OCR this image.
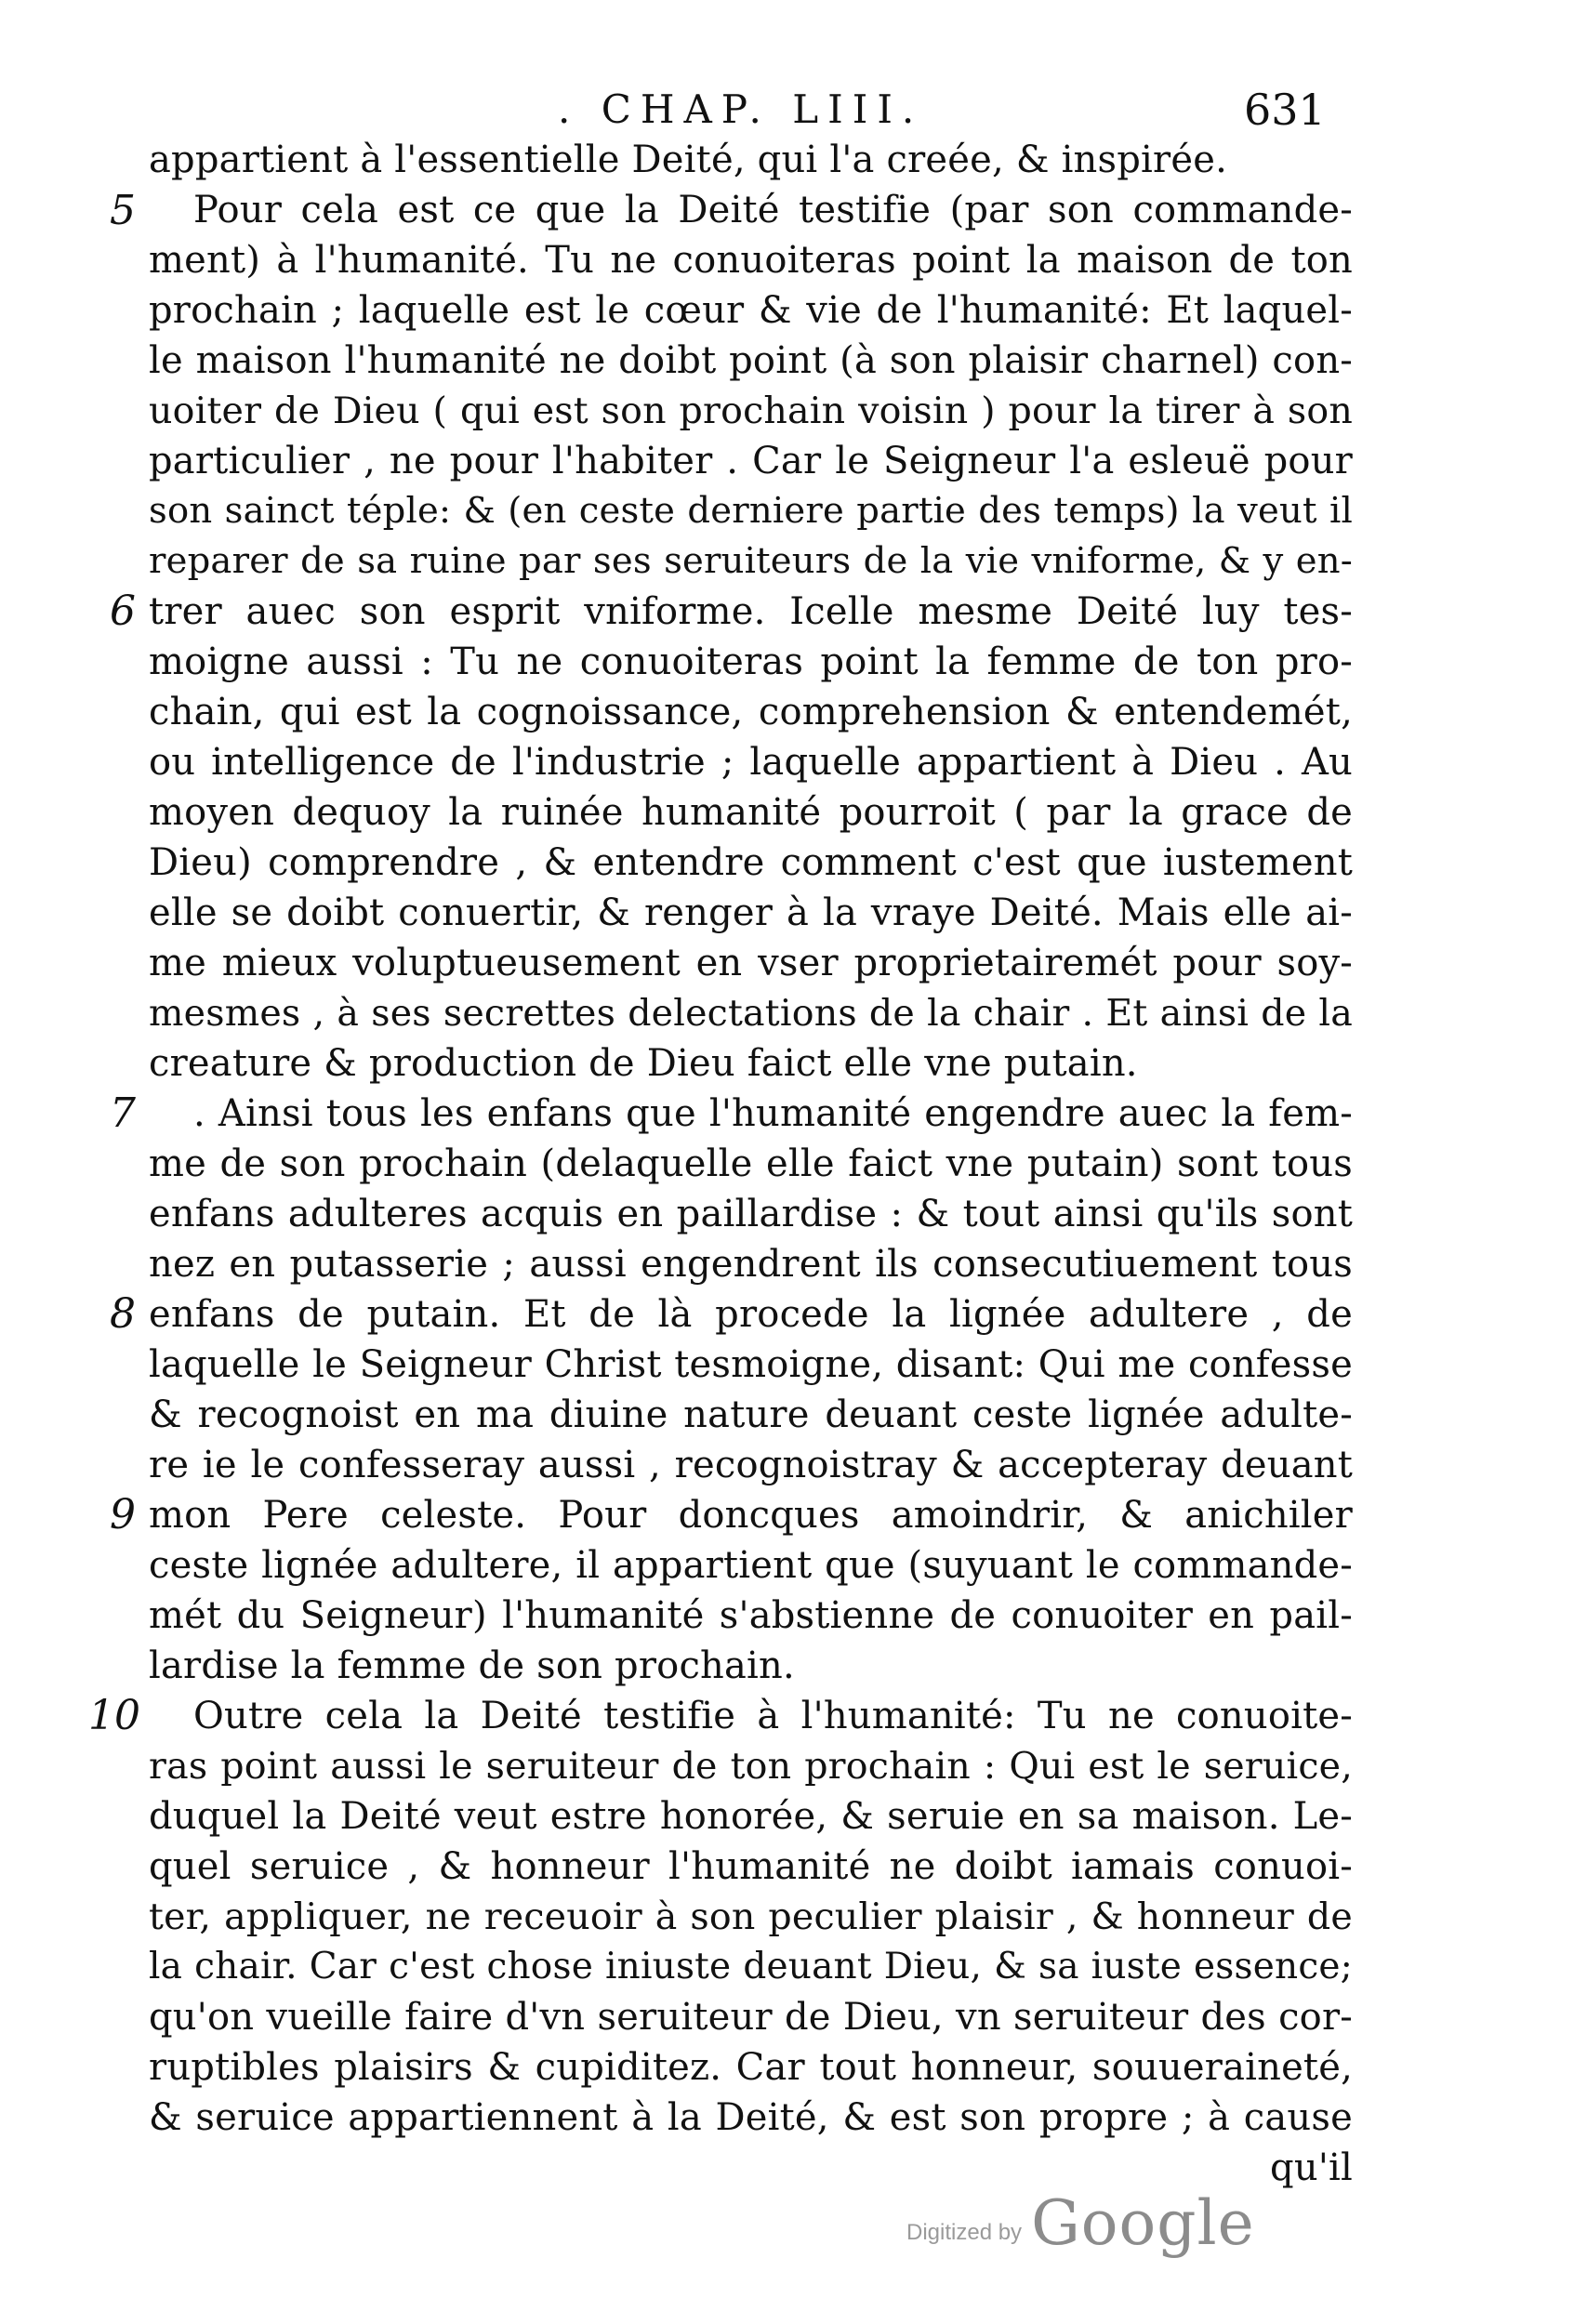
. CHAP. LIII.	631
5
6
7
8
9
10
appartient à l'essentielle Deité, qui l'a creée, & inspirée.
Pour cela est ce que la Deité testifie (par son commande-
ment) à l'humanité. Tu ne conuoiteras point la maison de ton
prochain ; laquelle est le cœur & vie de l'humanité: Et laquel-
le maison l'humanité ne doibt point (à son plaisir charnel) con-
uoiter de Dieu ( qui est son prochain voisin ) pour la tirer à son
particulier , ne pour l'habiter . Car le Seigneur l'a esleuë pour
son sainct téple: & (en ceste derniere partie des temps) la veut il
reparer de sa ruine par ses seruiteurs de la vie vniforme, & y en-
trer auec son esprit vniforme. Icelle mesme Deité luy tes-
moigne aussi : Tu ne conuoiteras point la femme de ton pro-
chain, qui est la cognoissance, comprehension & entendemét,
ou intelligence de l'industrie ; laquelle appartient à Dieu . Au
moyen dequoy la ruinée humanité pourroit ( par la grace de
Dieu) comprendre , & entendre comment c'est que iustement
elle se doibt conuertir, & renger à la vraye Deité. Mais elle ai-
me mieux voluptueusement en vser proprietairemét pour soy-
mesmes , à ses secrettes delectations de la chair . Et ainsi de la
creature & production de Dieu faict elle vne putain.
. Ainsi tous les enfans que l'humanité engendre auec la fem-
me de son prochain (delaquelle elle faict vne putain) sont tous
enfans adulteres acquis en paillardise : & tout ainsi qu'ils sont
nez en putasserie ; aussi engendrent ils consecutiuement tous
enfans de putain. Et de là procede la lignée adultere , de
laquelle le Seigneur Christ tesmoigne, disant: Qui me confesse
& recognoist en ma diuine nature deuant ceste lignée adulte-
re ie le confesseray aussi , recognoistray & accepteray deuant
mon Pere celeste. Pour doncques amoindrir, & anichiler
ceste lignée adultere, il appartient que (suyuant le commande-
mét du Seigneur) l'humanité s'abstienne de conuoiter en pail-
lardise la femme de son prochain.
Outre cela la Deité testifie à l'humanité: Tu ne conuoite-
ras point aussi le seruiteur de ton prochain : Qui est le seruice,
duquel la Deité veut estre honorée, & seruie en sa maison. Le-
quel seruice , & honneur l'humanité ne doibt iamais conuoi-
ter, appliquer, ne receuoir à son peculier plaisir , & honneur de
la chair. Car c'est chose iniuste deuant Dieu, & sa iuste essence;
qu'on vueille faire d'vn seruiteur de Dieu, vn seruiteur des cor-
ruptibles plaisirs & cupiditez. Car tout honneur, souueraineté,
& seruice appartiennent à la Deité, & est son propre ; à cause
qu'il
Digitized by Google
